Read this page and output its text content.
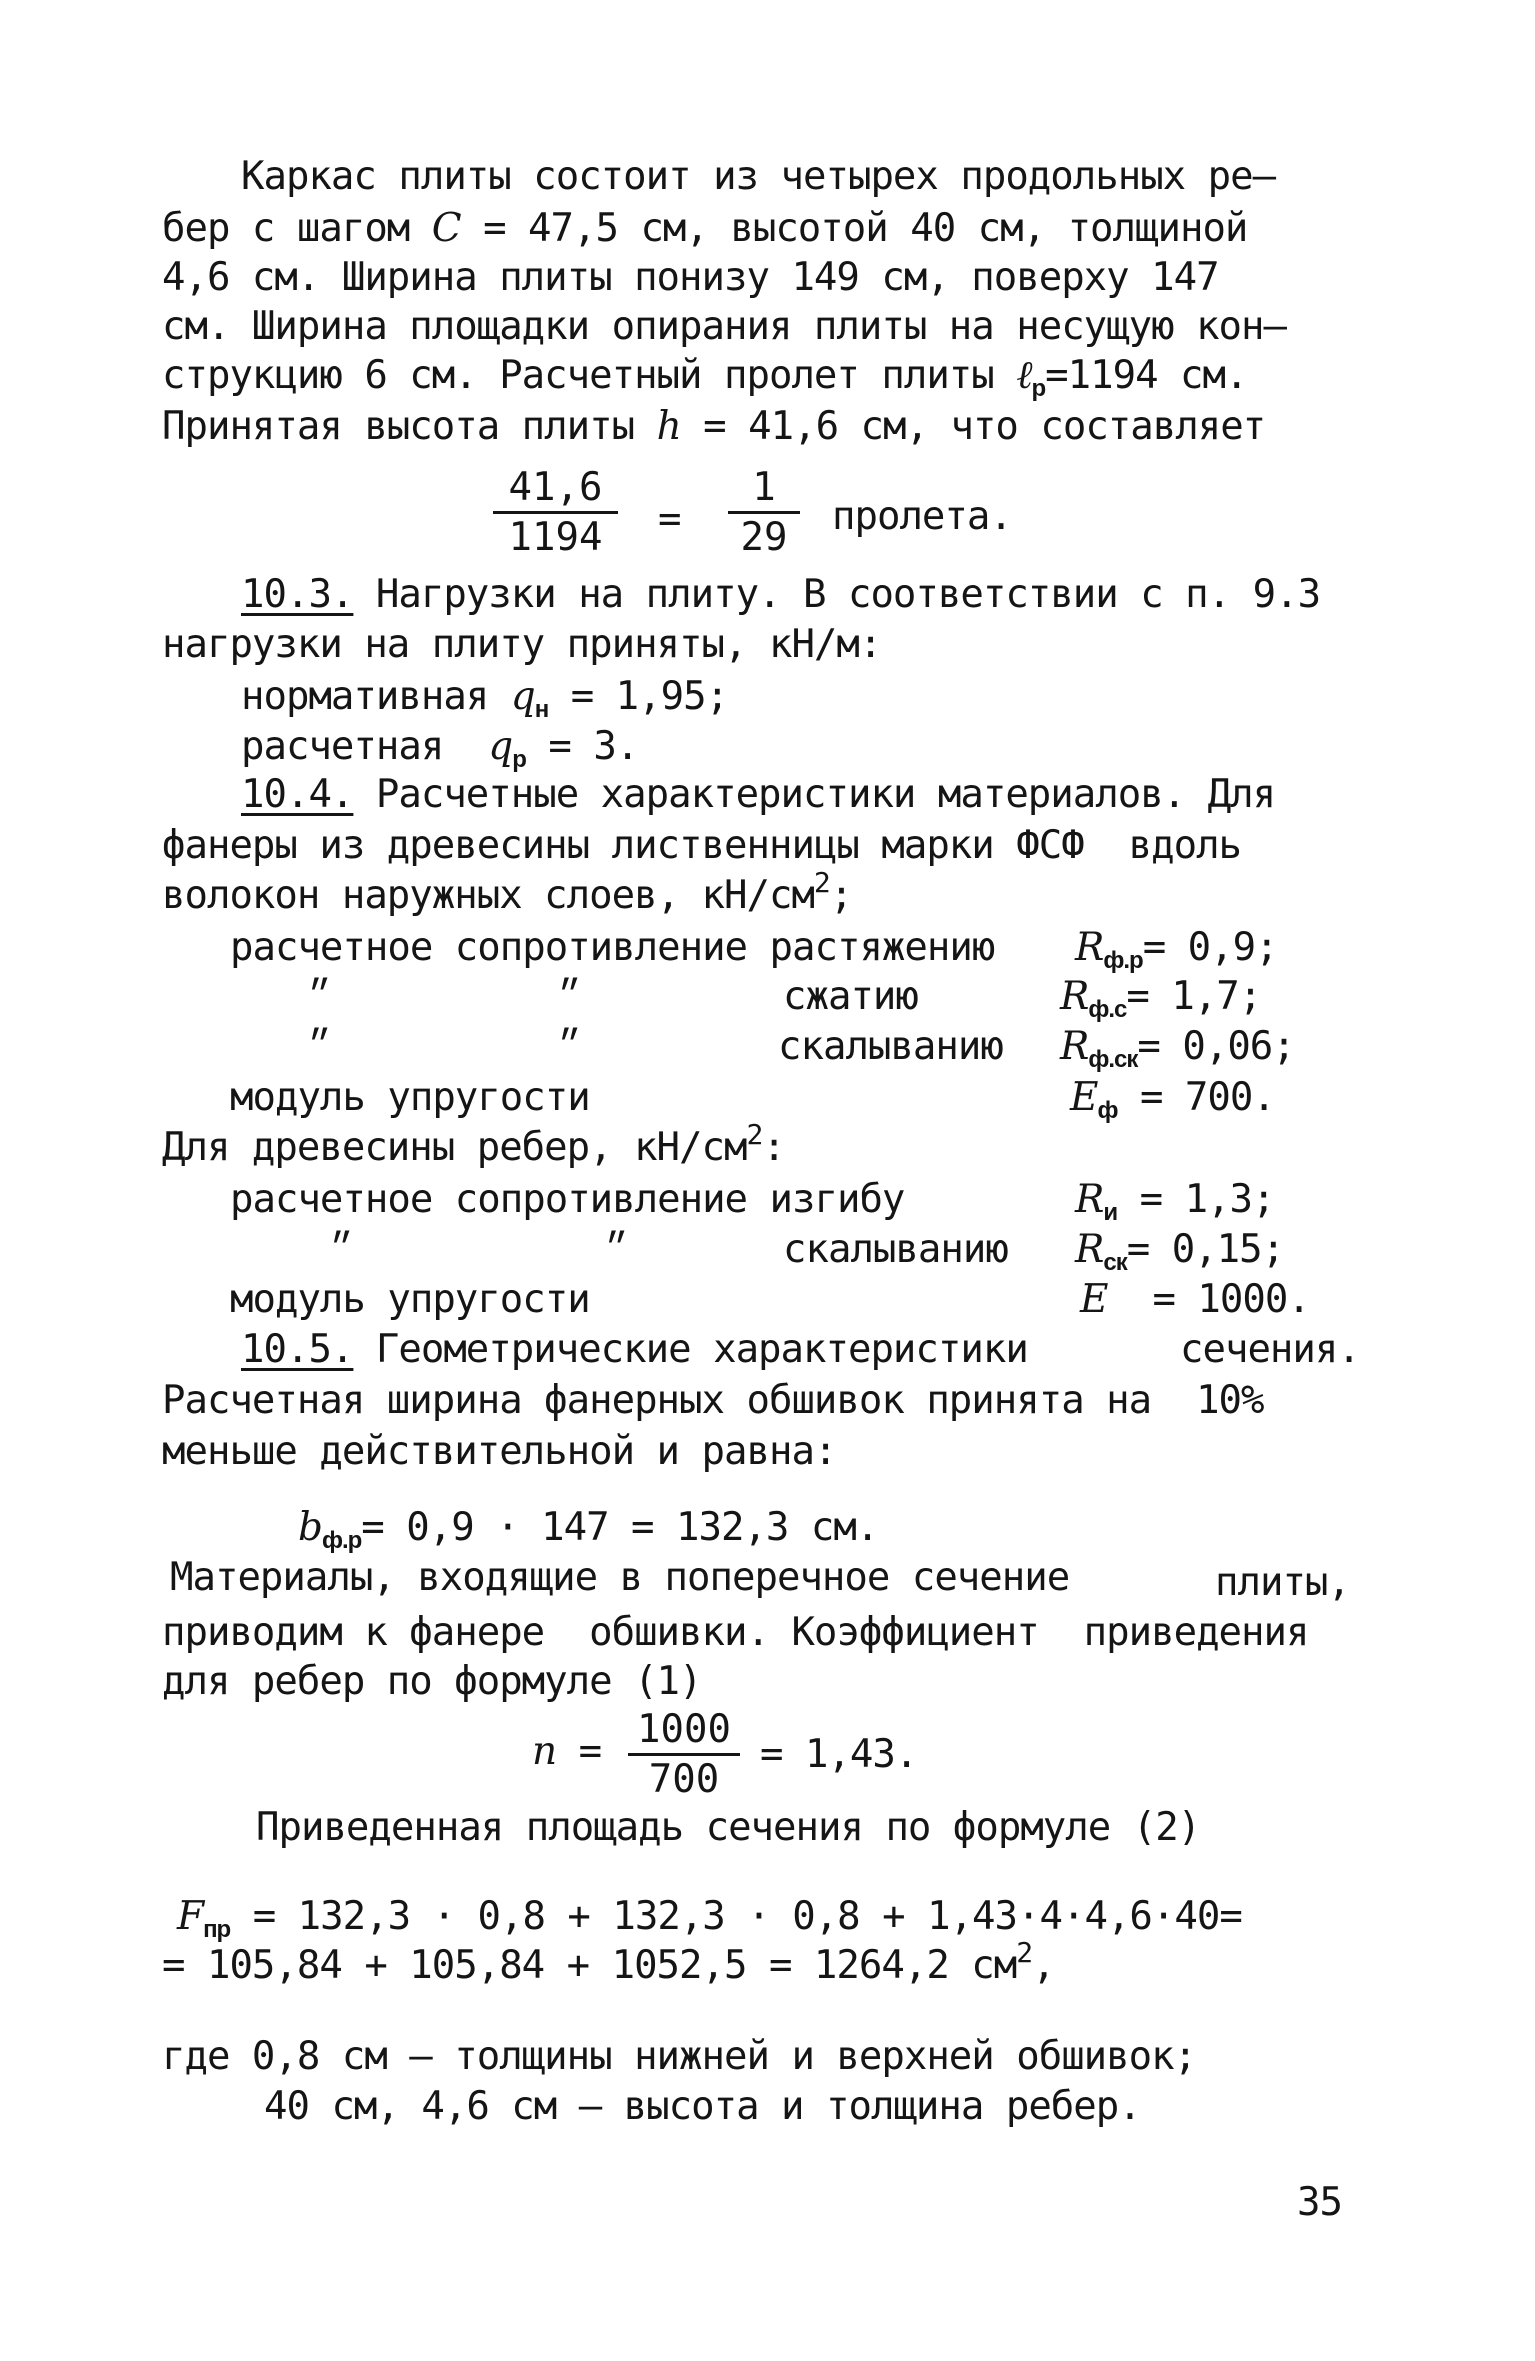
Каркас плиты состоит из четырех продольных ре–
бер с шагом С = 47,5 см, высотой 40 см, толщиной
4,6 см. Ширина плиты понизу 149 см, поверху 147
см. Ширина площадки опирания плиты на несущую кон–
струкцию 6 см. Расчетный пролет плиты ℓ$_р$=1194 см.
Принятая высота плиты h = 41,6 см, что составляет
41,6
1194	=
1
29	пролета.
10.3. Нагрузки на плиту. В соответствии с п. 9.3
нагрузки на плиту приняты, кН/м:
нормативная $q_н = 1,95$;
расчетная  $q_р = 3$.
10.4. Расчетные характеристики материалов. Для
фанеры из древесины лиственницы марки ФСФ  вдоль
волокон наружных слоев, $кН/см^2$;
расчетное сопротивление растяжению $R_{ф.р}= 0,9$;
״	״	сжатию	$R_{ф.с}= 1,7$;
״	״	скалыванию $R_{ф.ск}= 0,06$;
модуль упругости	$E_ф = 700$.
Для древесины ребер, $кН/см^2$:
расчетное сопротивление изгибу	$R_и = 1,3$;
״	״	скалыванию $R_{ск}= 0,15$;
модуль упругости	E  = 1000.
10.5. Геометрические характеристики	сечения.
Расчетная ширина фанерных обшивок принята на  10%
меньше действительной и равна:
$b_{ф.р}= 0,9 \cdot 147 = 132,3$ см.
Материалы, входящие в поперечное сечение	плиты,
приводим к фанере  обшивки. Коэффициент  приведения
для ребер по формуле (1)
n = 1000
700
= 1,43.
Приведенная площадь сечения по формуле (2)
$F_{пр} = 132,3 \cdot 0,8 + 132,3 \cdot 0,8 + 1,43\cdot 4\cdot 4,6\cdot 40=$
= 105,84 + 105,84 + 1052,5 = 1264,2 $см^2$,
где 0,8 см – толщины нижней и верхней обшивок;
40 см, 4,6 см – высота и толщина ребер.
35
